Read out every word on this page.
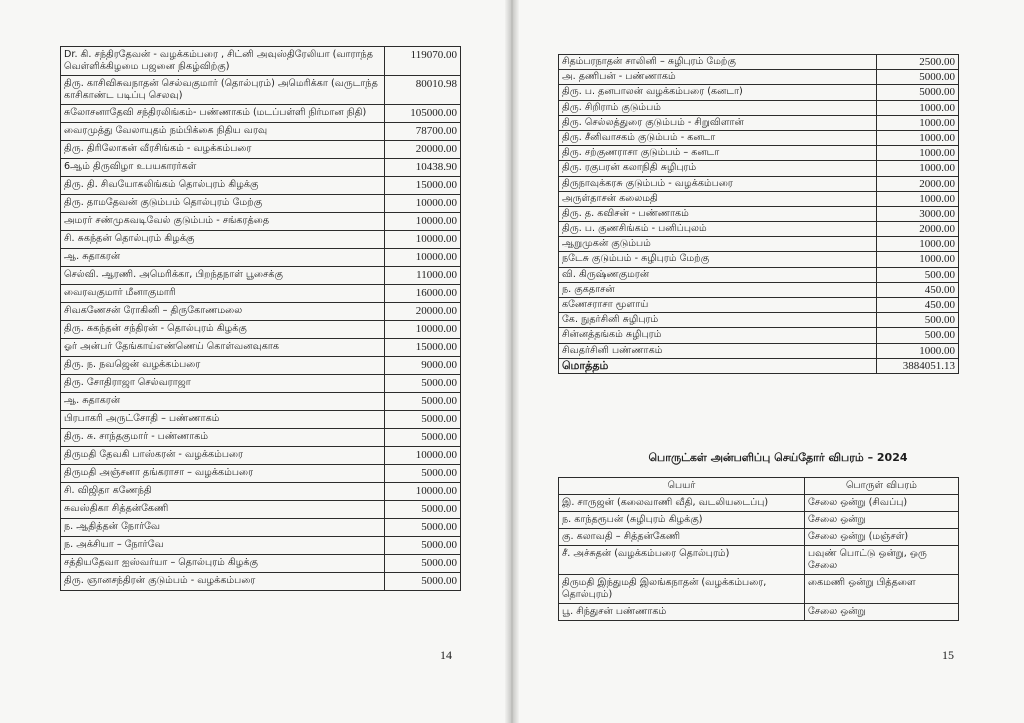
Dr. கி. சந்திரதேவன் - வழக்கம்பரை , சிட்னி அவுஸ்திரேலியா (வாராந்த வெள்ளிக்கிழமை பஜனை நிகழ்விற்கு)	119070.00
திரு. காசிவிசுவநாதன் செல்வகுமார் (தொல்புரம்) அமெரிக்கா (வருடாந்த காசிகாண்ட படிப்பு செலவு)	80010.98
சுலோசனாதேவி சந்திரலிங்கம்- பண்ணாகம் (மடப்பள்ளி நிர்மான நிதி)	105000.00
வைரமுத்து வேலாயுதம் நம்பிக்கை நிதிய வரவு	78700.00
திரு. திரிலோகன் வீரசிங்கம் - வழக்கம்பரை	20000.00
6ஆம் திருவிழா உபயகாரர்கள்	10438.90
திரு. தி. சிவயோகலிங்கம் தொல்புரம் கிழக்கு	15000.00
திரு. தாமதேவன் குடும்பம் தொல்புரம் மேற்கு	10000.00
அமரர் சண்முகவடிவேல் குடும்பம் - சங்கரத்தை	10000.00
சி. சுகந்தன் தொல்புரம் கிழக்கு	10000.00
ஆ. சுதாகரன்	10000.00
செல்வி. ஆரணி. அமெரிக்கா, பிறந்தநாள் பூசைக்கு	11000.00
வைரவகுமார் மீனாகுமாரி	16000.00
சிவகணேசன் ரோகினி – திருகோணமலை	20000.00
திரு. சுகந்தன் சந்திரன் - தொல்புரம் கிழக்கு	10000.00
ஓர் அன்பர் தேங்காய்எண்ணெய் கொள்வனவுகாக	15000.00
திரு. ந. நவஜென் வழக்கம்பரை	9000.00
திரு. சோதிராஜா செல்வராஜா	5000.00
ஆ. சுதாகரன்	5000.00
பிரபாகரி அருட்சோதி – பண்ணாகம்	5000.00
திரு. சு. சாந்தகுமார் - பண்ணாகம்	5000.00
திருமதி தேவகி பாஸ்கரன் - வழக்கம்பரை	10000.00
திருமதி அஞ்சனா தங்கராசா – வழக்கம்பரை	5000.00
சி. விஜிதா கணேந்தி	10000.00
சுவஸ்திகா சித்தன்கேணி	5000.00
ந. ஆதித்தன் நோர்வே	5000.00
ந. அக்சியா – நோர்வே	5000.00
சத்தியதேவா ஐஸ்வர்யா – தொல்புரம் கிழக்கு	5000.00
திரு. ஞானசந்திரன் குடும்பம் - வழக்கம்பரை	5000.00
சிதம்பரநாதன் சாலினி – சுழிபுரம் மேற்கு	2500.00
அ. தணிபன் - பண்ணாகம்	5000.00
திரு. ப. தனபாலன் வழக்கம்பரை (கனடா)	5000.00
திரு. சிறிராம் குடும்பம்	1000.00
திரு. செல்லத்துரை குடும்பம் - சிறுவிளான்	1000.00
திரு. சீனிவாசகம் குடும்பம் - கனடா	1000.00
திரு. சற்குணராசா குடும்பம் – கனடா	1000.00
திரு. ரகுபரன் கலாநிதி சுழிபுரம்	1000.00
திருநாவுக்கரசு குடும்பம் - வழக்கம்பரை	2000.00
அருள்தாசன் கலைமதி	1000.00
திரு. த. கவிசன் - பண்ணாகம்	3000.00
திரு. ப. குணசிங்கம் - பனிப்புலம்	2000.00
ஆறுமுகன் குடும்பம்	1000.00
நடேசு குடும்பம் - சுழிபுரம் மேற்கு	1000.00
வி. கிருஷ்ணகுமரன்	500.00
ந. குகதாசன்	450.00
கணேசராசா மூளாய்	450.00
கே. நுதர்சினி சுழிபுரம்	500.00
சின்னத்தங்கம் சுழிபுரம்	500.00
சிவதர்சினி பண்ணாகம்	1000.00
மொத்தம்	3884051.13
பொருட்கள் அன்பளிப்பு செய்தோர் விபரம் – 2024
பெயர்	பொருள் விபரம்
இ. சாருஜன் (கலைவாணி வீதி, வடலியடைப்பு)	சேலை ஒன்று (சிவப்பு)
ந. காந்தரூபன் (சுழிபுரம் கிழக்கு)	சேலை ஒன்று
கு. கலாவதி – சித்தன்கேணி	சேலை ஒன்று (மஞ்சள்)
சீ. அச்சுதன் (வழக்கம்பரை தொல்புரம்)	பவுண் பொட்டு ஒன்று, ஒரு சேலை
திருமதி இந்துமதி இலங்கநாதன் (வழக்கம்பரை, தொல்புரம்)	கைமணி ஒன்று பித்தளை
பூ. சிந்துசன் பண்ணாகம்	சேலை ஒன்று
14	15
